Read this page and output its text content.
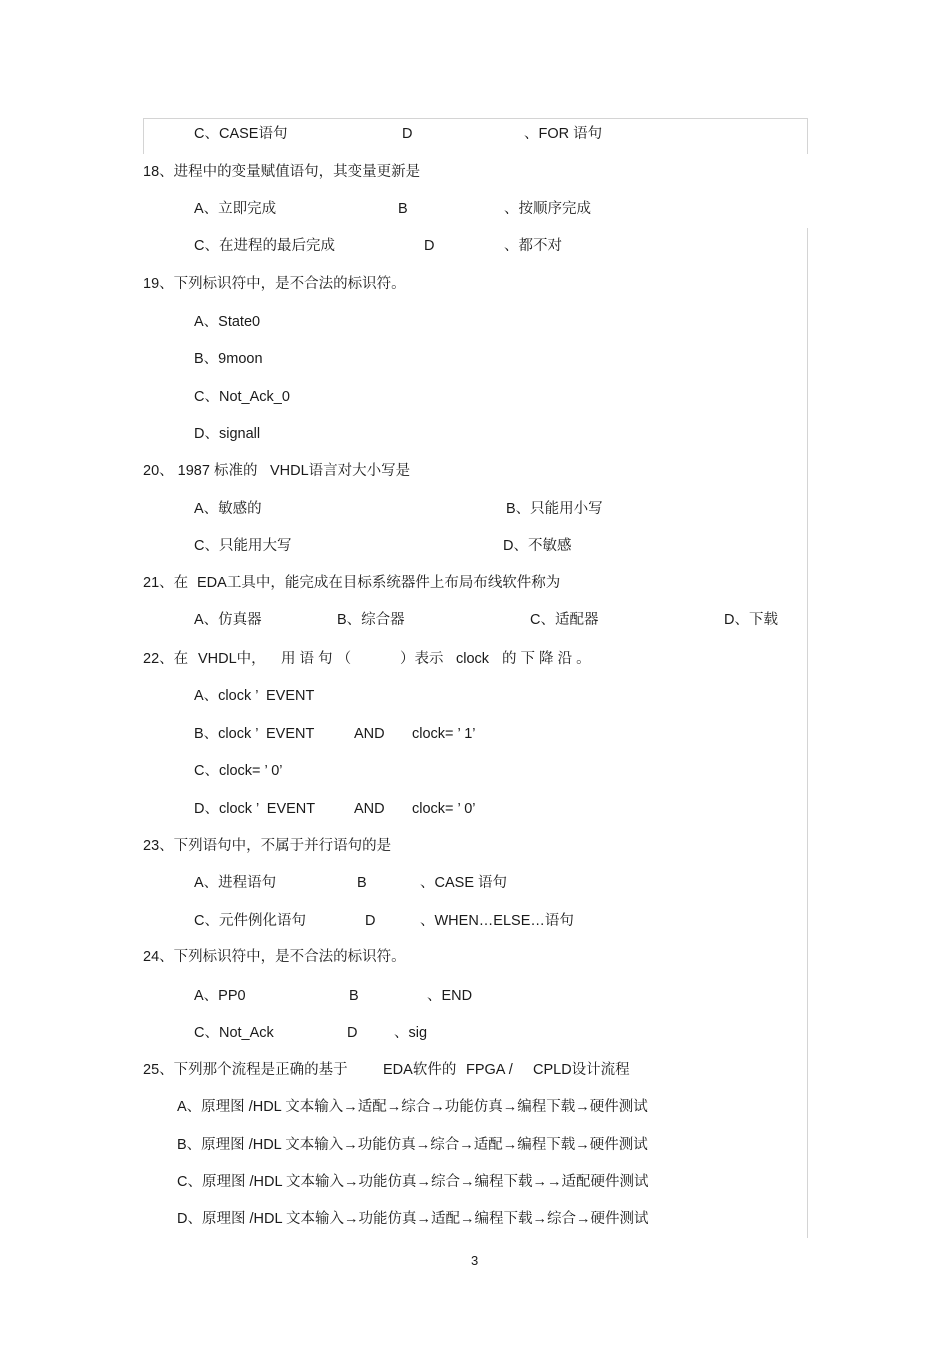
C、CASE语句	D	、FOR 语句
18、进程中的变量赋值语句，其变量更新是
A、立即完成	B	、按顺序完成
C、在进程的最后完成	D	、都不对
19、下列标识符中，是不合法的标识符。
A、State0
B、9moon
C、Not_Ack_0
D、signall
20、 1987 标准的 VHDL语言对大小写是
A、敏感的	B、只能用小写
C、只能用大写	D、不敏感
21、在 EDA工具中，能完成在目标系统器件上布局布线软件称为
A、仿真器	B、综合器	C、适配器	D、下载
22、在 VHDL中， 用 语 句 （	）表示 clock 的 下 降 沿 。
A、clock ’  EVENT
B、clock ’  EVENT	AND clock= ’ 1’
C、clock= ’ 0’
D、clock ’  EVENT	AND clock= ’ 0’
23、下列语句中，不属于并行语句的是
A、进程语句	B	、CASE 语句
C、元件例化语句	D	、WHEN…ELSE…语句
24、下列标识符中，是不合法的标识符。
A、PP0	B	、END
C、Not_Ack	D	、sig
25、下列那个流程是正确的基于 EDA软件的 FPGA / CPLD设计流程
A、原理图 /HDL 文本输入→适配→综合→功能仿真→编程下载→硬件测试
B、原理图 /HDL 文本输入→功能仿真→综合→适配→编程下载→硬件测试
C、原理图 /HDL 文本输入→功能仿真→综合→编程下载→→适配硬件测试
D、原理图 /HDL 文本输入→功能仿真→适配→编程下载→综合→硬件测试
3
